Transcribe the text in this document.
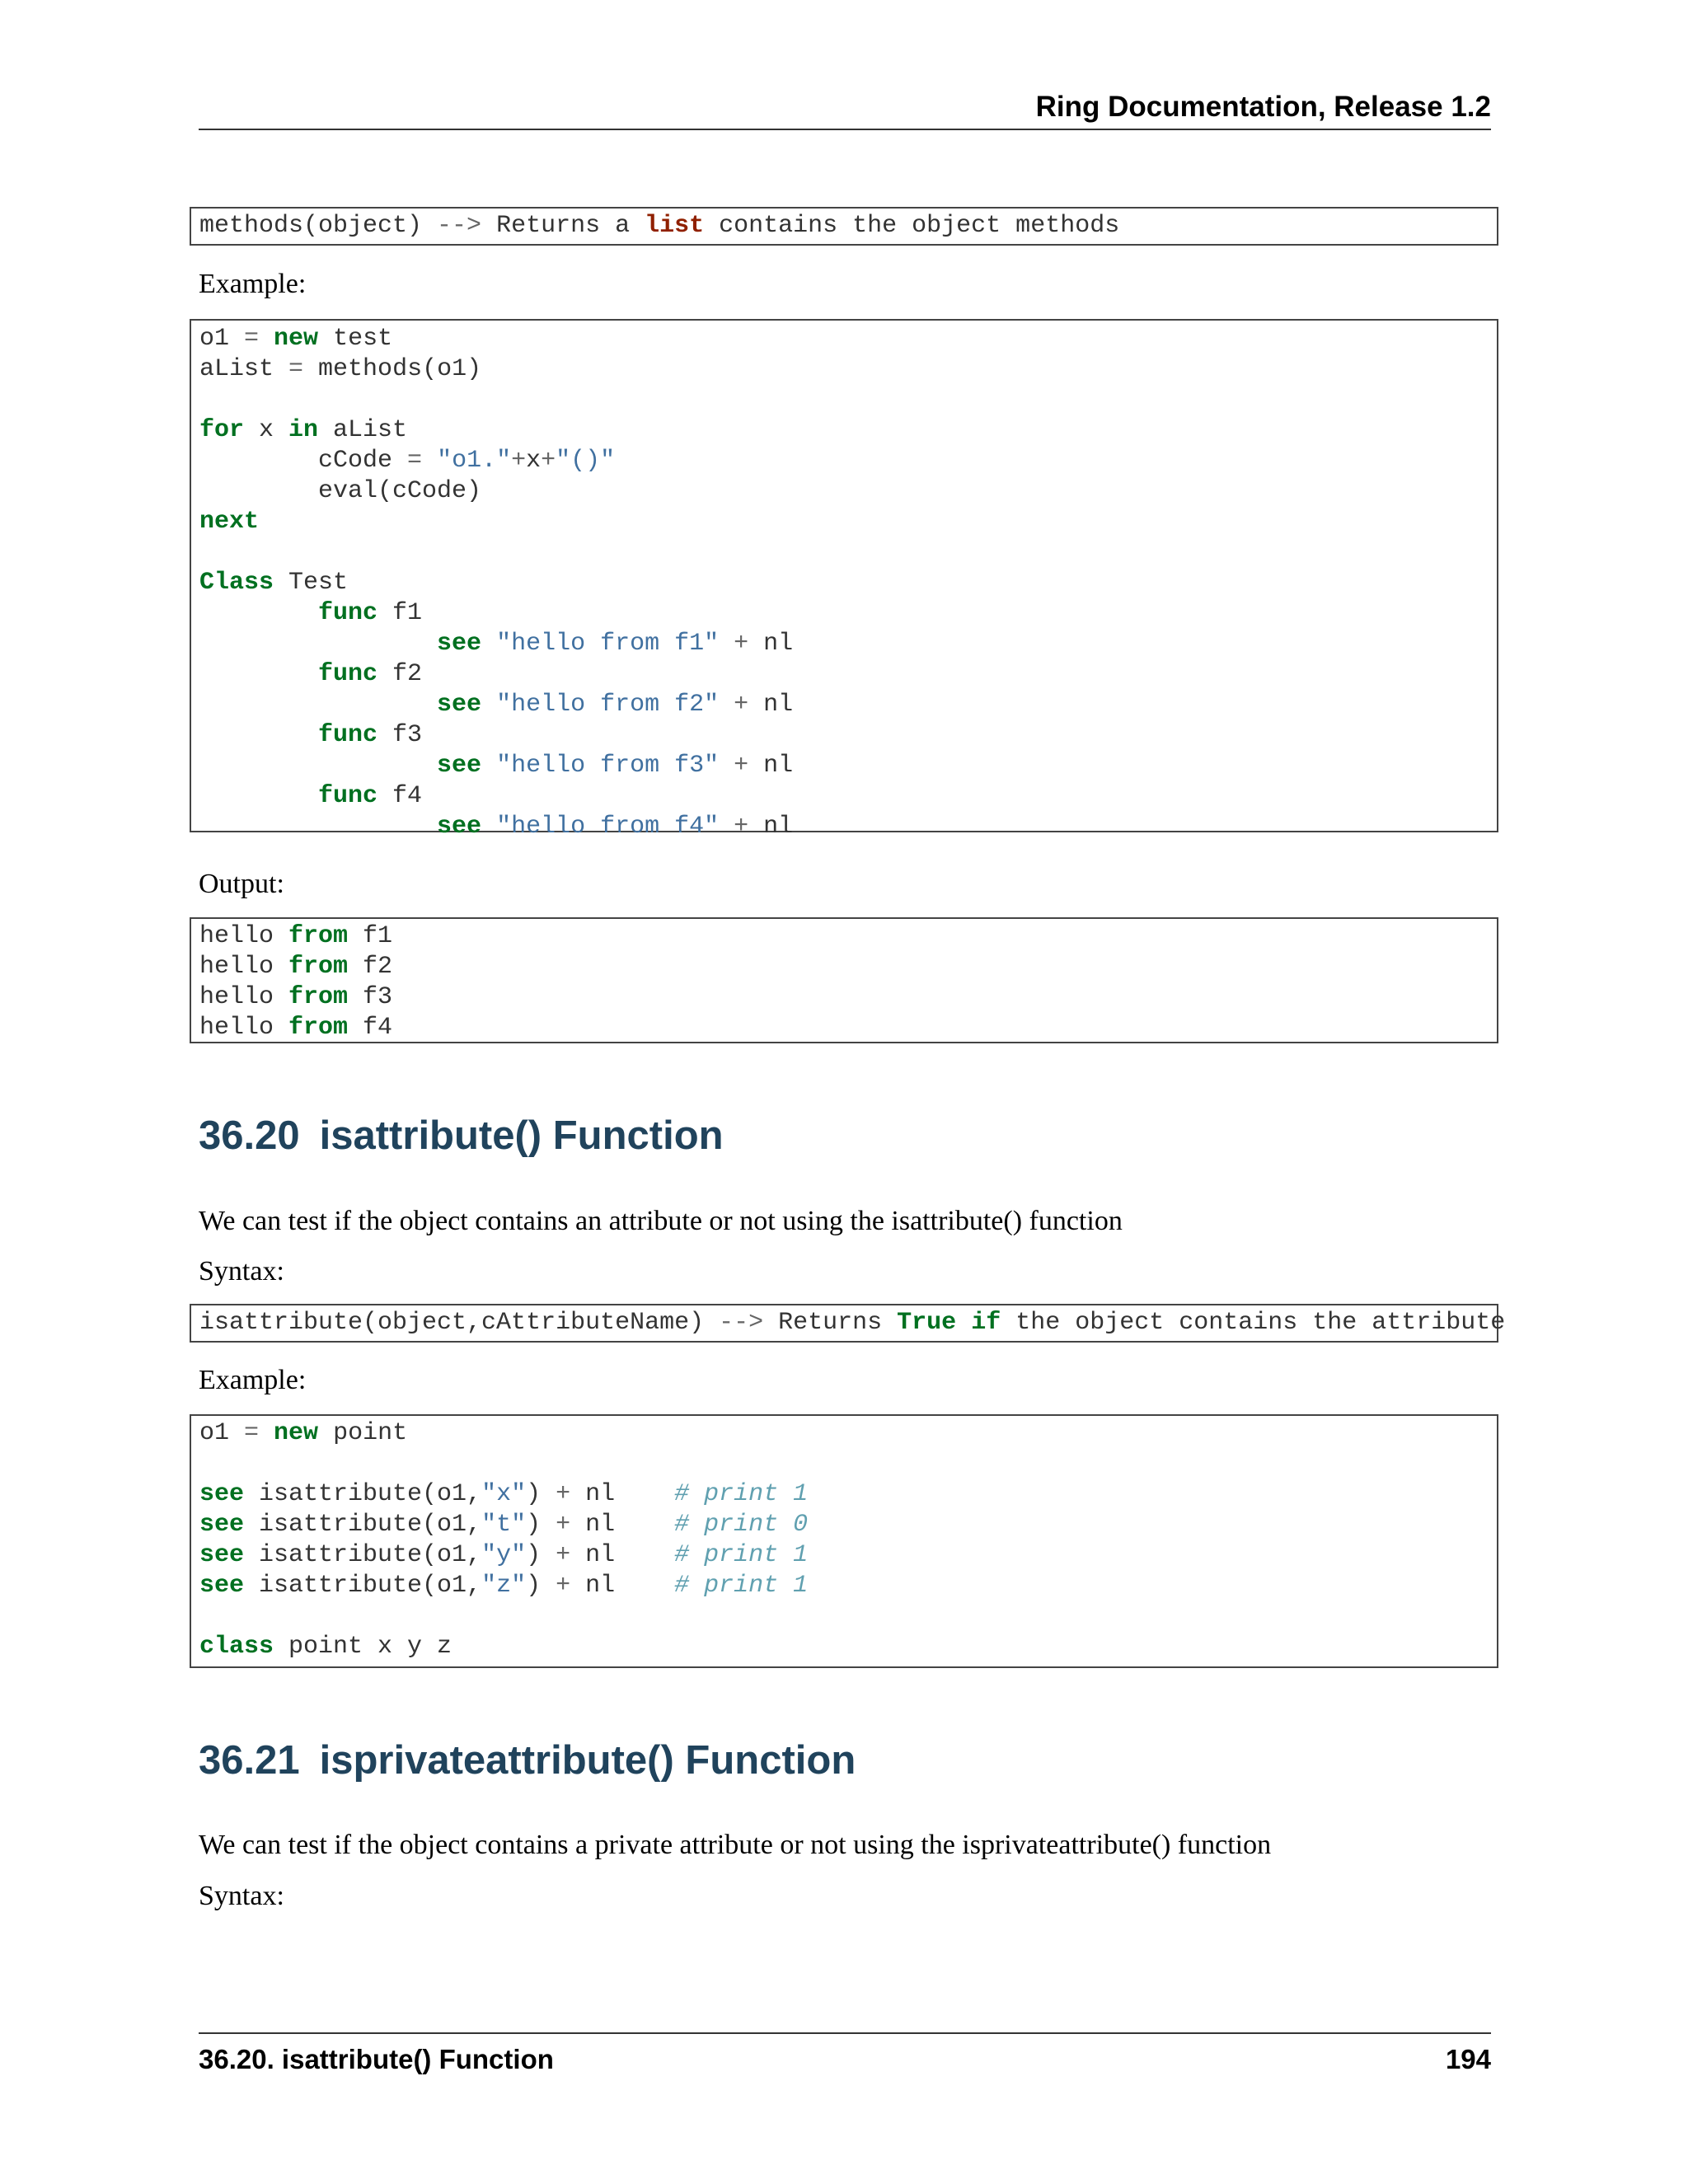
Ring Documentation, Release 1.2
methods(object) --> Returns a list contains the object methods
Example:
o1 = new test
aList = methods(o1)

for x in aList
cCode = "o1."+x+"()"
eval(cCode)
next

Class Test
func f1
see "hello from f1" + nl
func f2
see "hello from f2" + nl
func f3
see "hello from f3" + nl
func f4
see "hello from f4" + nl
Output:
hello from f1
hello from f2
hello from f3
hello from f4
36.20 isattribute() Function
We can test if the object contains an attribute or not using the isattribute() function
Syntax:
isattribute(object,cAttributeName) --> Returns True if the object contains the attribute
Example:
o1 = new point

see isattribute(o1,"x") + nl    # print 1
see isattribute(o1,"t") + nl    # print 0
see isattribute(o1,"y") + nl    # print 1
see isattribute(o1,"z") + nl    # print 1

class point x y z
36.21 isprivateattribute() Function
We can test if the object contains a private attribute or not using the isprivateattribute() function
Syntax:
36.20. isattribute() Function	194
